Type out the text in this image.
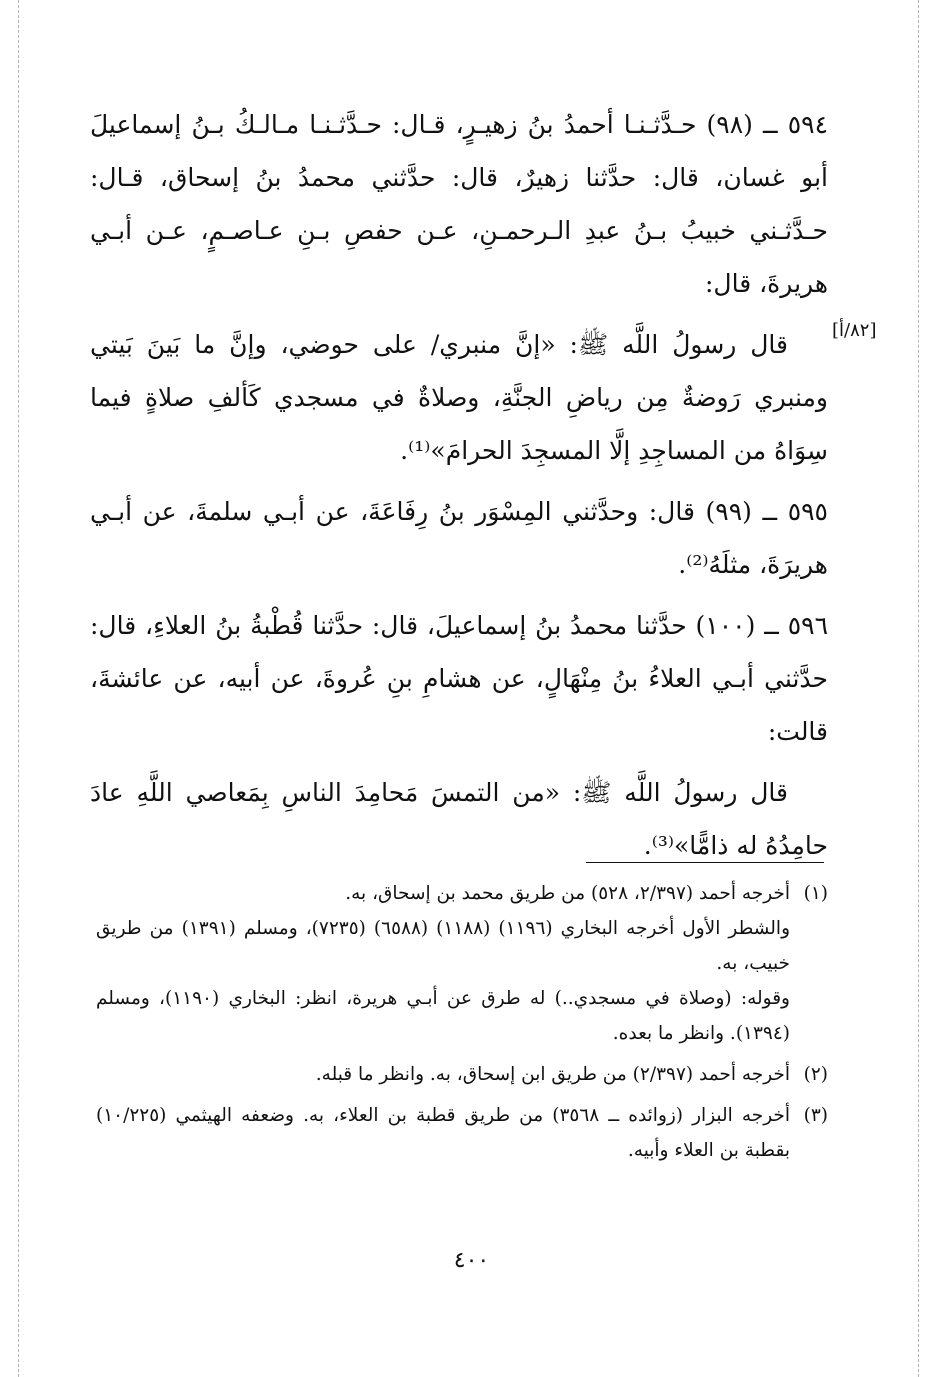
[٨٢/أ]

٥٩٤ ــ (٩٨) حـدَّثـنـا أحمدُ بنُ زهيـرٍ، قـال: حـدَّثـنـا مـالـكُ بـنُ إسماعيلَ أبو غسان، قال: حدَّثنا زهيرٌ، قال: حدَّثني محمدُ بنُ إسحاق، قـال: حـدَّثـني خبيبُ بـنُ عبدِ الـرحمـنِ، عـن حفصِ بـنِ عـاصـمٍ، عـن أبـي هريرةَ، قال:

قال رسولُ اللَّه ﷺ: «إنَّ منبري/ على حوضي، وإنَّ ما بَينَ بَيتي ومنبري رَوضةٌ مِن رياضِ الجنَّةِ، وصلاةٌ في مسجدي كَألفِ صلاةٍ فيما سِوَاهُ من المساجِدِ إلَّا المسجِدَ الحرامَ»⁽¹⁾.

٥٩٥ ــ (٩٩) قال: وحدَّثني المِسْوَر بنُ رِفَاعَةَ، عن أبـي سلمةَ، عن أبـي هريرَةَ، مثلَهُ⁽²⁾.

٥٩٦ ــ (١٠٠) حدَّثنا محمدُ بنُ إسماعيلَ، قال: حدَّثنا قُطْبةُ بنُ العلاءِ، قال: حدَّثني أبـي العلاءُ بنُ مِنْهَالٍ، عن هشامِ بنِ عُروةَ، عن أبيه، عن عائشةَ، قالت:

قال رسولُ اللَّه ﷺ: «من التمسَ مَحامِدَ الناسِ بِمَعاصي اللَّهِ عادَ حامِدُهُ له ذامًّا»⁽³⁾.

(١)
أخرجه أحمد (٢/٣٩٧، ٥٢٨) من طريق محمد بن إسحاق، به.
والشطر الأول أخرجه البخاري (١١٩٦) (١١٨٨) (٦٥٨٨) (٧٢٣٥)، ومسلم (١٣٩١) من طريق خبيب، به.
وقوله: (وصلاة في مسجدي..) له طرق عن أبـي هريرة، انظر: البخاري (١١٩٠)، ومسلم (١٣٩٤). وانظر ما بعده.
(٢)
أخرجه أحمد (٢/٣٩٧) من طريق ابن إسحاق، به. وانظر ما قبله.
(٣)
أخرجه البزار (زوائده ــ ٣٥٦٨) من طريق قطبة بن العلاء، به. وضعفه الهيثمي (١٠/٢٢٥) بقطبة بن العلاء وأبيه.
٤٠٠
